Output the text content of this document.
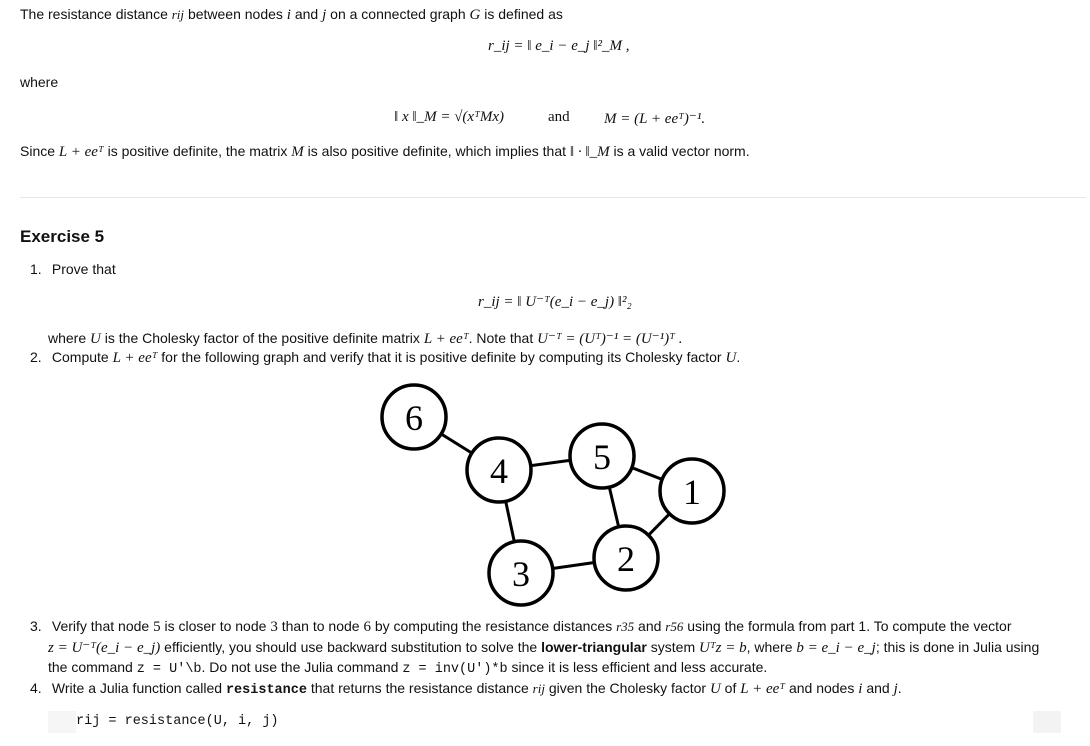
The resistance distance rij between nodes i and j on a connected graph G is defined as
r_ij = ‖ e_i − e_j ‖²_M ,
where
‖ x ‖_M = √(xᵀMx)	and M = (L + eeᵀ)⁻¹.
Since L + eeᵀ is positive definite, the matrix M is also positive definite, which implies that ‖ · ‖_M is a valid vector norm.
Exercise 5
1. Prove that
r_ij = ‖ U⁻ᵀ(e_i − e_j) ‖²₂
where U is the Cholesky factor of the positive definite matrix L + eeᵀ. Note that U⁻ᵀ = (Uᵀ)⁻¹ = (U⁻¹)ᵀ .
2. Compute L + eeᵀ for the following graph and verify that it is positive definite by computing its Cholesky factor U.
6
4 5
1
3 2
3. Verify that node 5 is closer to node 3 than to node 6 by computing the resistance distances r35 and r56 using the formula from part 1. To compute the vector
z = U⁻ᵀ(e_i − e_j) efficiently, you should use backward substitution to solve the lower-triangular system Uᵀz = b, where b = e_i − e_j; this is done in Julia using
the command z = U'\b. Do not use the Julia command z = inv(U')*b since it is less efficient and less accurate.
4. Write a Julia function called resistance that returns the resistance distance rij given the Cholesky factor U of L + eeᵀ and nodes i and j.
rij = resistance(U, i, j)
